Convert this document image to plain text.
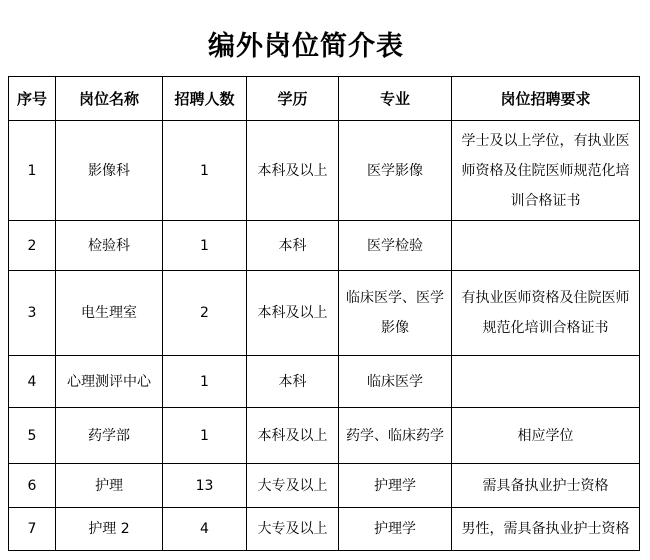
编外岗位简介表
序号	岗位名称	招聘人数	学历	专业	岗位招聘要求
1	影像科	1	本科及以上	医学影像	学士及以上学位，有执业医师资格及住院医师规范化培训合格证书
2	检验科	1	本科	医学检验	
3	电生理室	2	本科及以上	临床医学、医学影像	有执业医师资格及住院医师规范化培训合格证书
4	心理测评中心	1	本科	临床医学	
5	药学部	1	本科及以上	药学、临床药学	相应学位
6	护理	13	大专及以上	护理学	需具备执业护士资格
7	护理 2	4	大专及以上	护理学	男性，需具备执业护士资格
